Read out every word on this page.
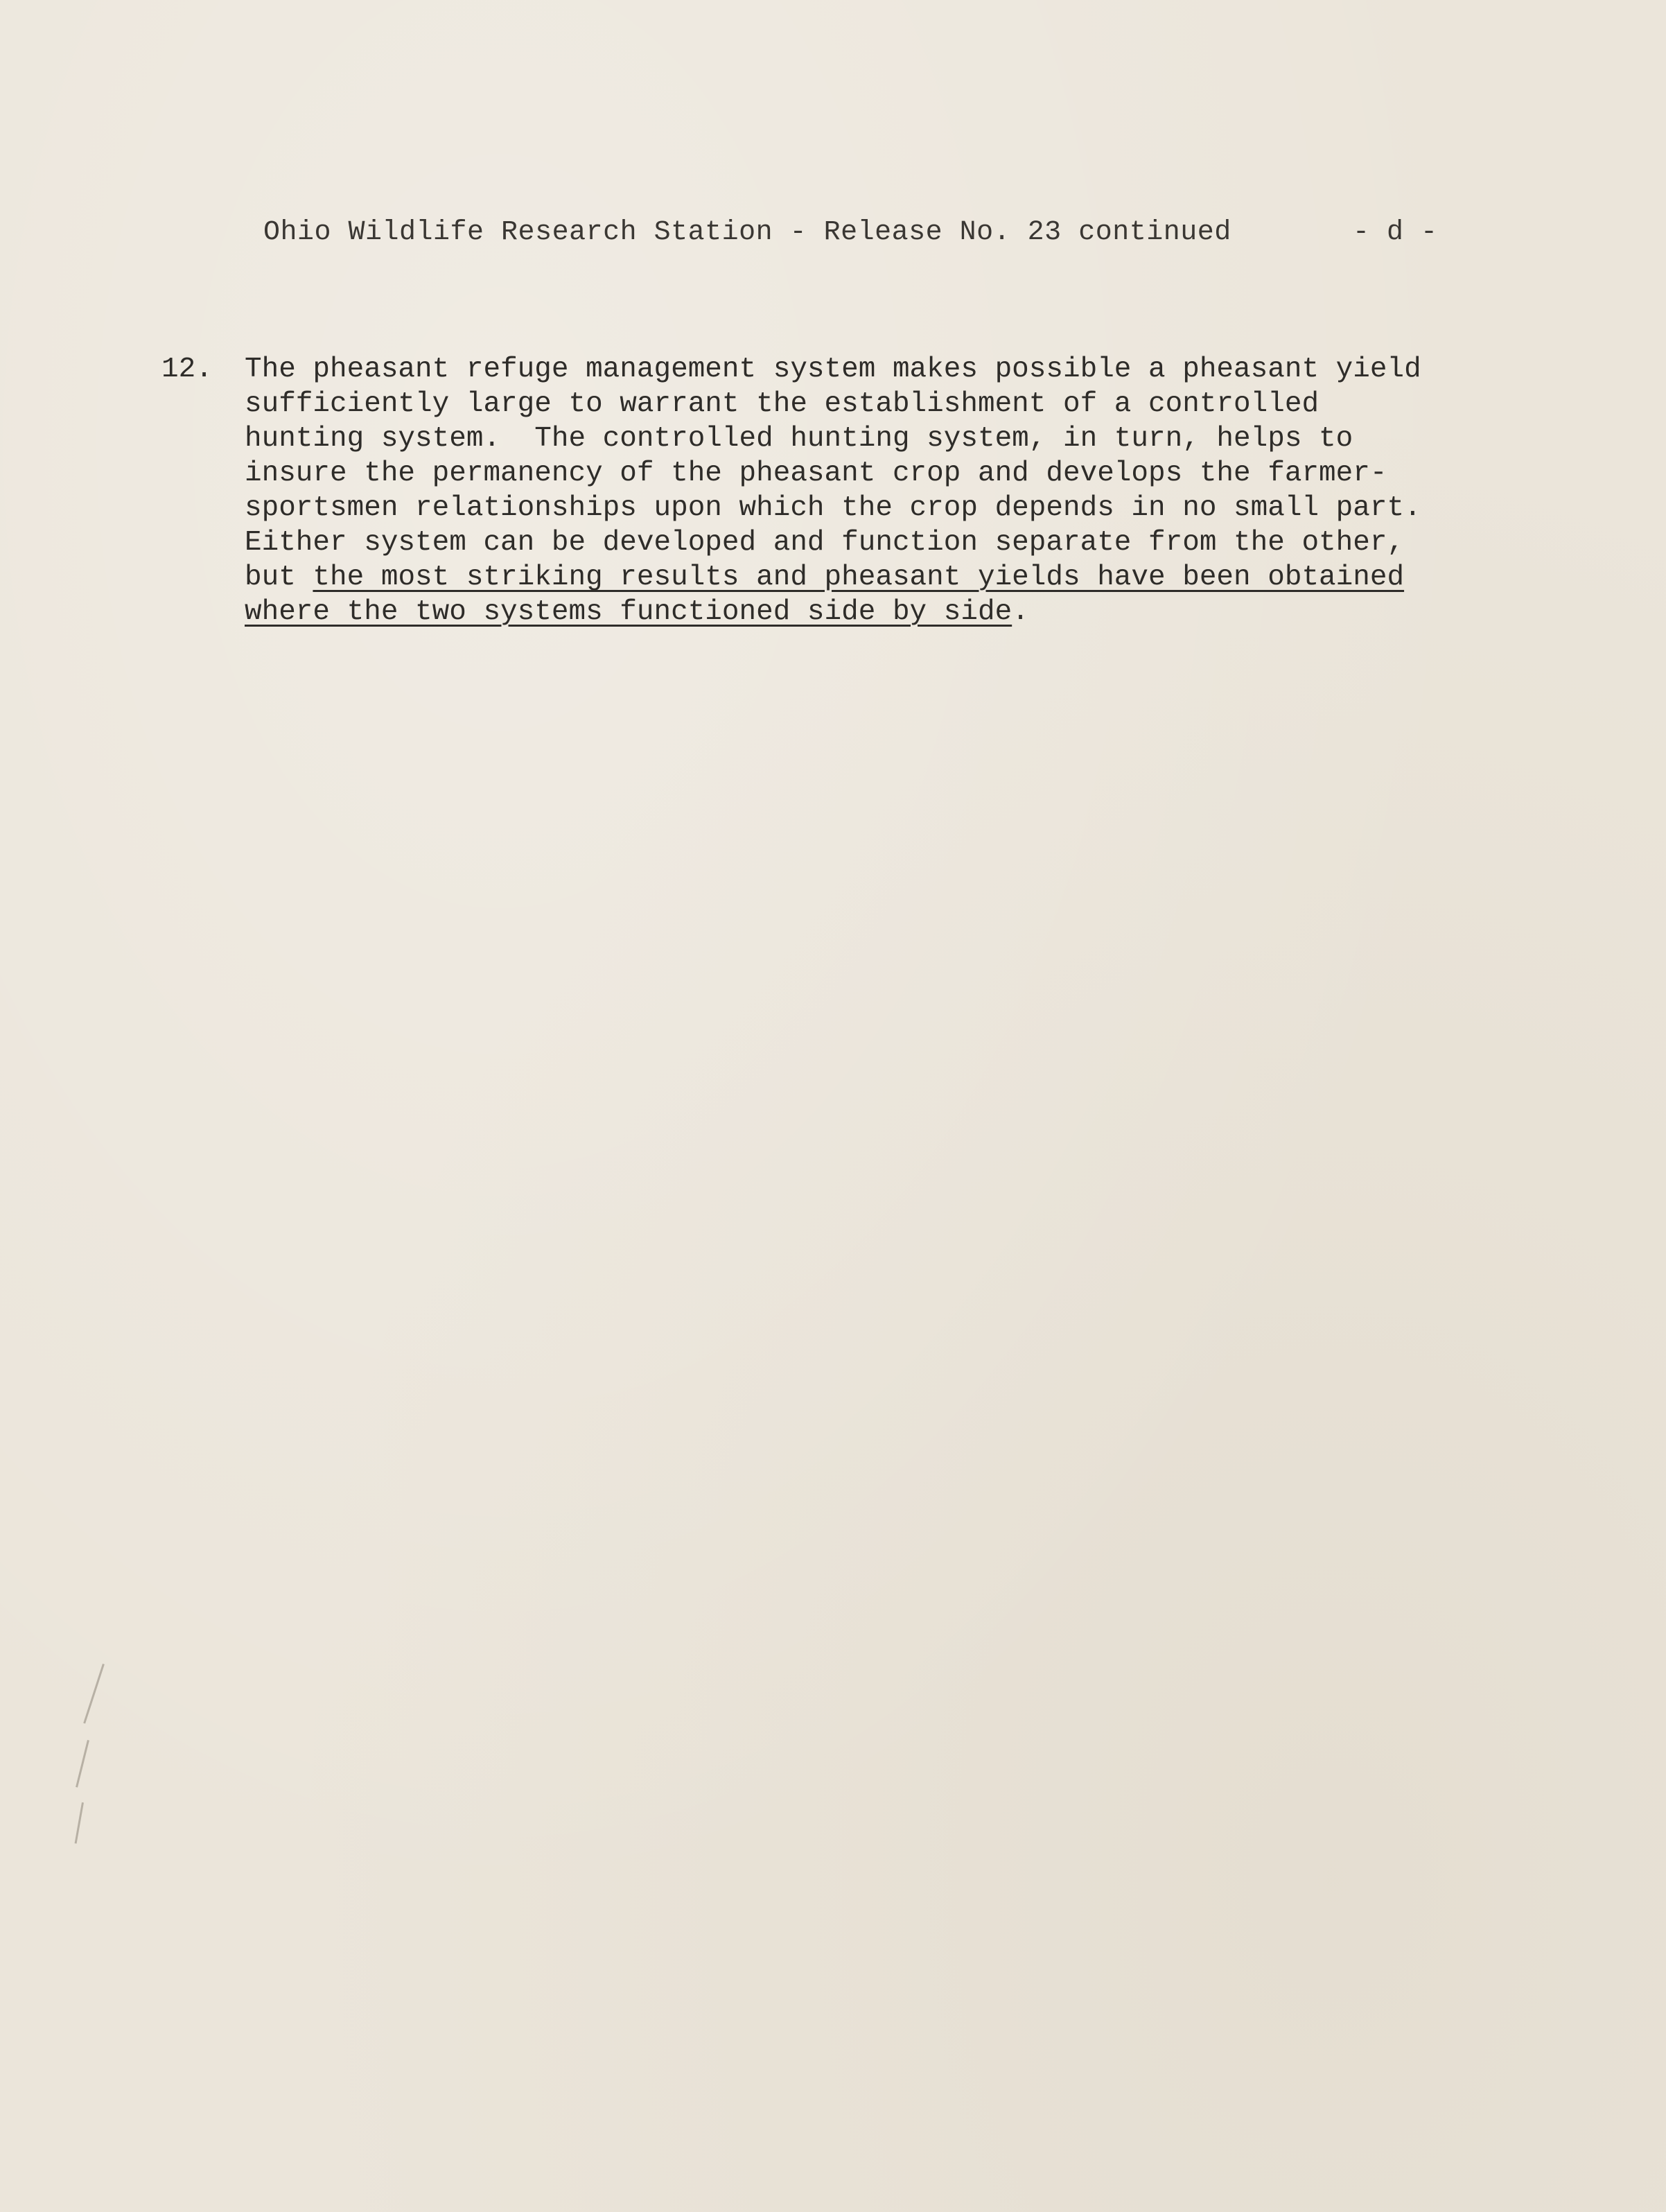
Ohio Wildlife Research Station - Release No. 23 continued

	- d -

12. The pheasant refuge management system makes possible a pheasant yield
sufficiently large to warrant the establishment of a controlled
hunting system.  The controlled hunting system, in turn, helps to
insure the permanency of the pheasant crop and develops the farmer-
sportsmen relationships upon which the crop depends in no small part.
Either system can be developed and function separate from the other,
but the most striking results and pheasant yields have been obtained
where the two systems functioned side by side.
